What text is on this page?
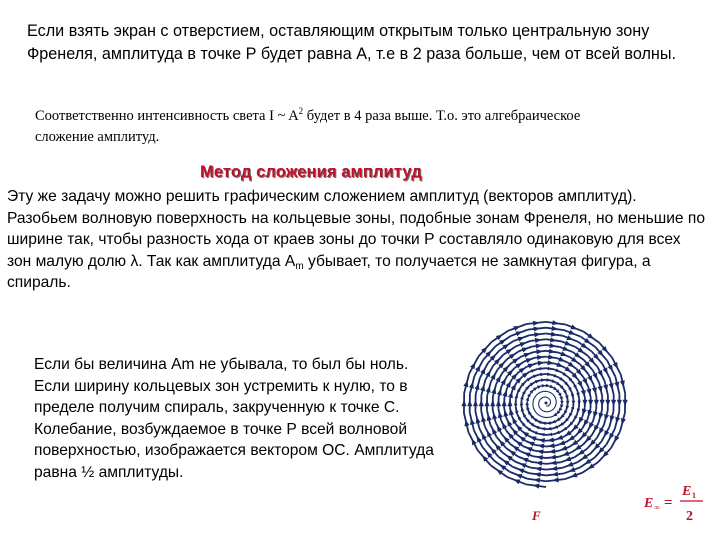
Если взять экран с отверстием, оставляющим открытым только центральную зону Френеля, амплитуда в точке Р будет равна А, т.е в 2 раза больше, чем от всей волны.

Соответственно интенсивность света I ~ $A^2$ будет в 4 раза выше. Т.о. это алгебраическое сложение амплитуд.

Метод сложения амплитуд

Эту же задачу можно решить графическим сложением амплитуд (векторов амплитуд). Разобьем волновую поверхность на кольцевые зоны, подобные зонам Френеля, но меньшие по ширине так, чтобы разность хода от краев зоны до точки Р составляло одинаковую для всех зон малую долю λ. Так как амплитуда $А_m$ убывает, то получается не замкнутая фигура, а спираль.

Если бы величина Am не убывала, то был бы ноль. Если ширину кольцевых зон устремить к нулю, то в пределе получим спираль, закрученную к точке С. Колебание, возбуждаемое в точке Р всей волновой поверхностью, изображается вектором ОС. Амплитуда равна ½ амплитуды.

F
E ∞ =
E 1
2
